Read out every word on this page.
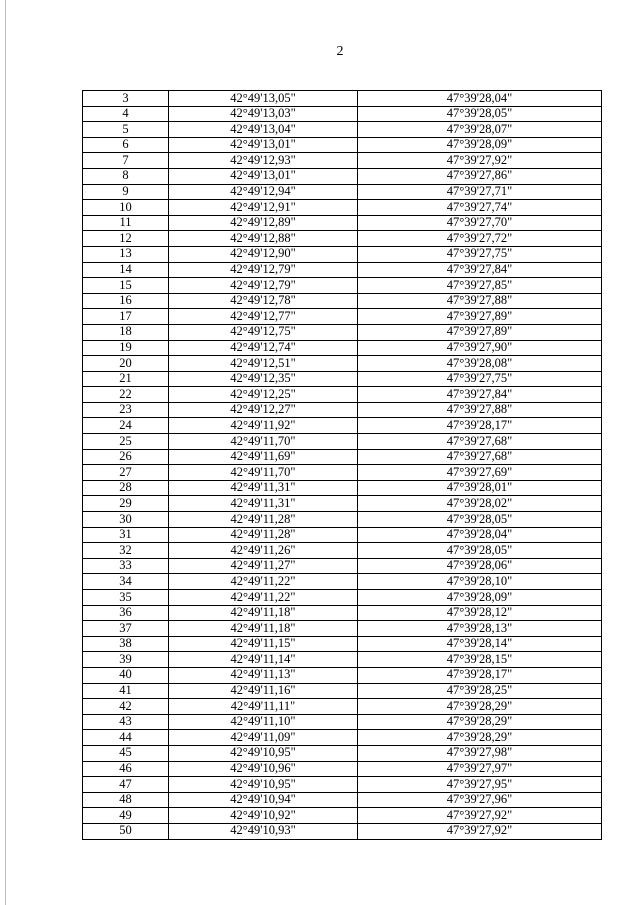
2
3	42°49'13,05"	47°39'28,04"
4	42°49'13,03"	47°39'28,05"
5	42°49'13,04"	47°39'28,07"
6	42°49'13,01"	47°39'28,09"
7	42°49'12,93"	47°39'27,92"
8	42°49'13,01"	47°39'27,86"
9	42°49'12,94"	47°39'27,71"
10	42°49'12,91"	47°39'27,74"
11	42°49'12,89"	47°39'27,70"
12	42°49'12,88"	47°39'27,72"
13	42°49'12,90"	47°39'27,75"
14	42°49'12,79"	47°39'27,84"
15	42°49'12,79"	47°39'27,85"
16	42°49'12,78"	47°39'27,88"
17	42°49'12,77"	47°39'27,89"
18	42°49'12,75"	47°39'27,89"
19	42°49'12,74"	47°39'27,90"
20	42°49'12,51"	47°39'28,08"
21	42°49'12,35"	47°39'27,75"
22	42°49'12,25"	47°39'27,84"
23	42°49'12,27"	47°39'27,88"
24	42°49'11,92"	47°39'28,17"
25	42°49'11,70"	47°39'27,68"
26	42°49'11,69"	47°39'27,68"
27	42°49'11,70"	47°39'27,69"
28	42°49'11,31"	47°39'28,01"
29	42°49'11,31"	47°39'28,02"
30	42°49'11,28"	47°39'28,05"
31	42°49'11,28"	47°39'28,04"
32	42°49'11,26"	47°39'28,05"
33	42°49'11,27"	47°39'28,06"
34	42°49'11,22"	47°39'28,10"
35	42°49'11,22"	47°39'28,09"
36	42°49'11,18"	47°39'28,12"
37	42°49'11,18"	47°39'28,13"
38	42°49'11,15"	47°39'28,14"
39	42°49'11,14"	47°39'28,15"
40	42°49'11,13"	47°39'28,17"
41	42°49'11,16"	47°39'28,25"
42	42°49'11,11"	47°39'28,29"
43	42°49'11,10"	47°39'28,29"
44	42°49'11,09"	47°39'28,29"
45	42°49'10,95"	47°39'27,98"
46	42°49'10,96"	47°39'27,97"
47	42°49'10,95"	47°39'27,95"
48	42°49'10,94"	47°39'27,96"
49	42°49'10,92"	47°39'27,92"
50	42°49'10,93"	47°39'27,92"
